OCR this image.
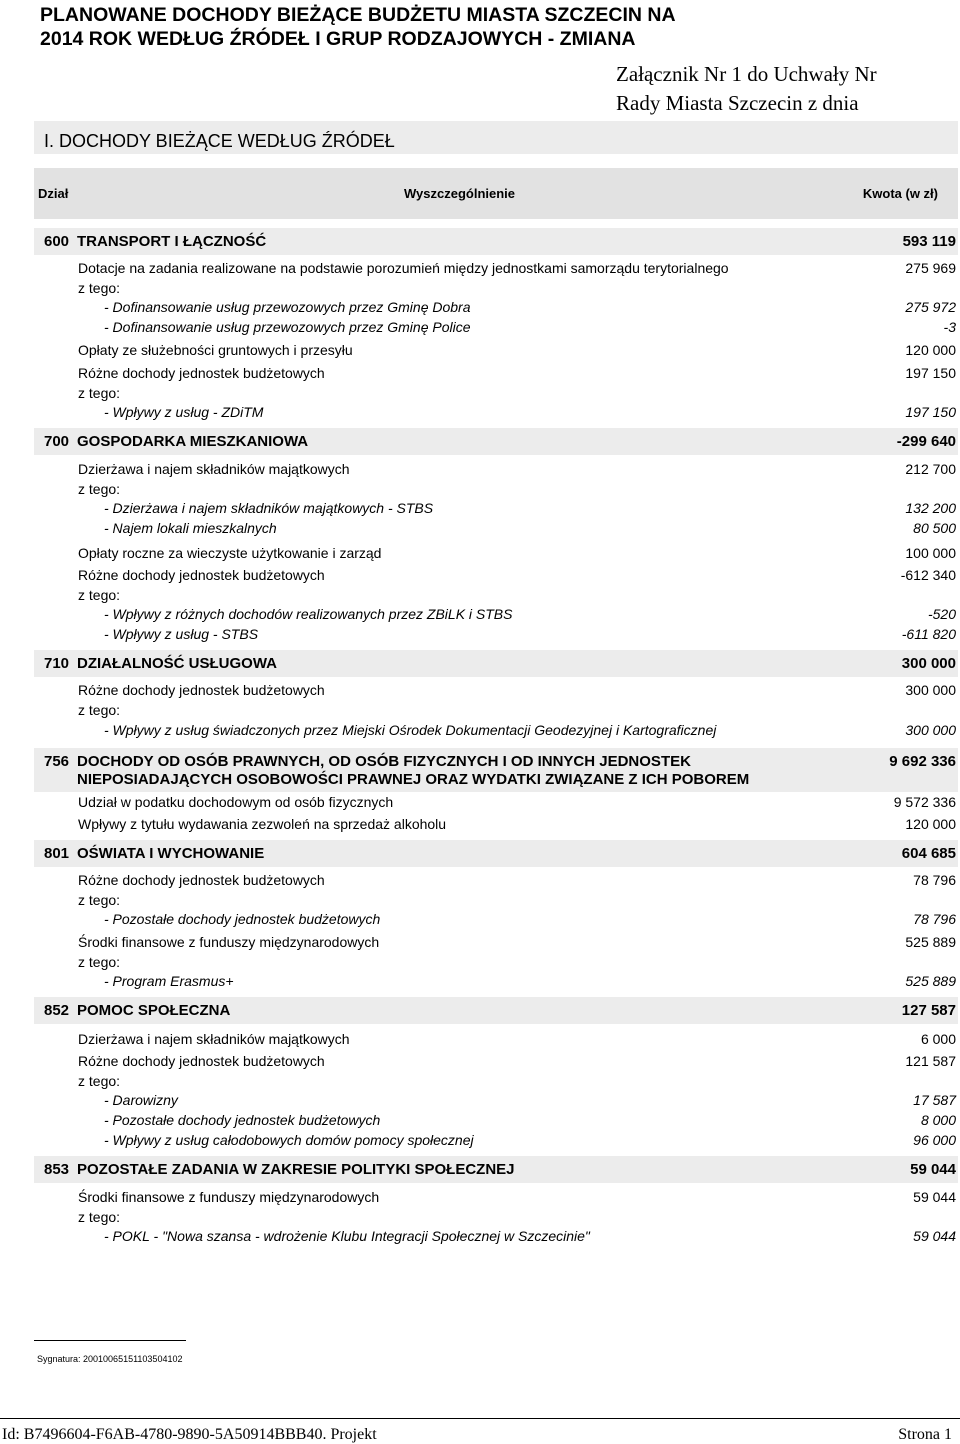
PLANOWANE DOCHODY BIEŻĄCE BUDŻETU MIASTA SZCZECIN NA
2014 ROK WEDŁUG ŹRÓDEŁ I GRUP RODZAJOWYCH - ZMIANA
Załącznik Nr 1 do Uchwały Nr
Rady Miasta Szczecin z dnia
I. DOCHODY BIEŻĄCE WEDŁUG ŹRÓDEŁ
Dział	Wyszczególnienie	Kwota (w zł)
600 TRANSPORT I ŁĄCZNOŚĆ	593 119
Dotacje na zadania realizowane na podstawie porozumień między jednostkami samorządu terytorialnego	275 969
z tego:
- Dofinansowanie usług przewozowych przez Gminę Dobra	275 972
- Dofinansowanie usług przewozowych przez Gminę Police	-3
Opłaty ze służebności gruntowych i przesyłu	120 000
Różne dochody jednostek budżetowych	197 150
z tego:
- Wpływy z usług - ZDiTM	197 150
700 GOSPODARKA MIESZKANIOWA	-299 640
Dzierżawa i najem składników majątkowych	212 700
z tego:
- Dzierżawa i najem składników majątkowych - STBS	132 200
- Najem lokali mieszkalnych	80 500
Opłaty roczne za wieczyste użytkowanie i zarząd	100 000
Różne dochody jednostek budżetowych	-612 340
z tego:
- Wpływy z różnych dochodów realizowanych przez ZBiLK i STBS	-520
- Wpływy z usług - STBS	-611 820
710 DZIAŁALNOŚĆ USŁUGOWA	300 000
Różne dochody jednostek budżetowych	300 000
z tego:
- Wpływy z usług świadczonych przez Miejski Ośrodek Dokumentacji Geodezyjnej i Kartograficznej	300 000
756 DOCHODY OD OSÓB PRAWNYCH, OD OSÓB FIZYCZNYCH I OD INNYCH JEDNOSTEK
NIEPOSIADAJĄCYCH OSOBOWOŚCI PRAWNEJ ORAZ WYDATKI ZWIĄZANE Z ICH POBOREM
9 692 336
Udział w podatku dochodowym od osób fizycznych	9 572 336
Wpływy z tytułu wydawania zezwoleń na sprzedaż alkoholu	120 000
801 OŚWIATA I WYCHOWANIE	604 685
Różne dochody jednostek budżetowych	78 796
z tego:
- Pozostałe dochody jednostek budżetowych	78 796
Środki finansowe z funduszy międzynarodowych	525 889
z tego:
- Program Erasmus+	525 889
852 POMOC SPOŁECZNA	127 587
Dzierżawa i najem składników majątkowych	6 000
Różne dochody jednostek budżetowych	121 587
z tego:
- Darowizny	17 587
- Pozostałe dochody jednostek budżetowych	8 000
- Wpływy z usług całodobowych domów pomocy społecznej	96 000
853 POZOSTAŁE ZADANIA W ZAKRESIE POLITYKI SPOŁECZNEJ	59 044
Środki finansowe z funduszy międzynarodowych	59 044
z tego:
- POKL - "Nowa szansa - wdrożenie Klubu Integracji Społecznej w Szczecinie"	59 044
Sygnatura: 20010065151103504102
Id: B7496604-F6AB-4780-9890-5A50914BBB40. Projekt	Strona 1
